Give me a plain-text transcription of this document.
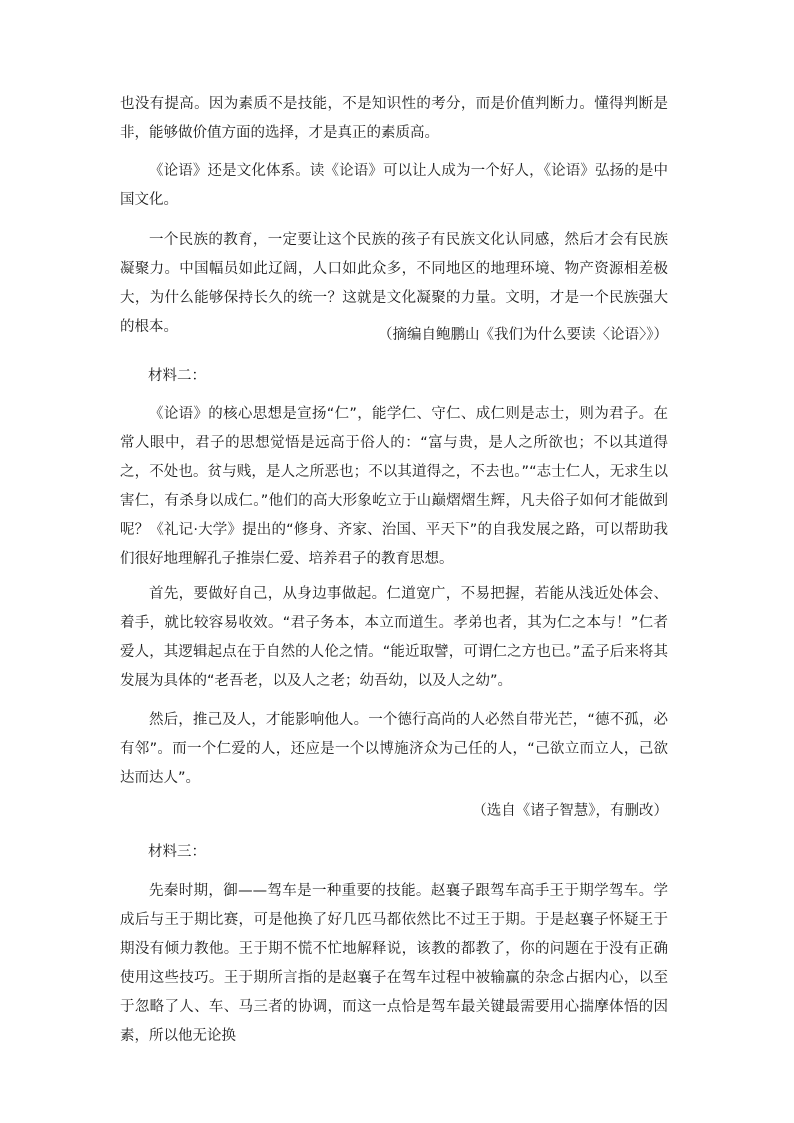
也没有提高。因为素质不是技能，不是知识性的考分，而是价值判断力。懂得判断是非，能够做价值方面的选择，才是真正的素质高。

《论语》还是文化体系。读《论语》可以让人成为一个好人，《论语》弘扬的是中国文化。

一个民族的教育，一定要让这个民族的孩子有民族文化认同感，然后才会有民族凝聚力。中国幅员如此辽阔，人口如此众多，不同地区的地理环境、物产资源相差极大，为什么能够保持长久的统一？这就是文化凝聚的力量。文明，才是一个民族强大的根本。	（摘编自鲍鹏山《我们为什么要读〈论语〉》）

材料二：

《论语》的核心思想是宣扬“仁”，能学仁、守仁、成仁则是志士，则为君子。在常人眼中，君子的思想觉悟是远高于俗人的：“富与贵，是人之所欲也；不以其道得之，不处也。贫与贱，是人之所恶也；不以其道得之，不去也。”“志士仁人，无求生以害仁，有杀身以成仁。”他们的高大形象屹立于山巅熠熠生辉，凡夫俗子如何才能做到呢？《礼记·大学》提出的“修身、齐家、治国、平天下”的自我发展之路，可以帮助我们很好地理解孔子推崇仁爱、培养君子的教育思想。

首先，要做好自己，从身边事做起。仁道宽广，不易把握，若能从浅近处体会、着手，就比较容易收效。“君子务本，本立而道生。孝弟也者，其为仁之本与！”仁者爱人，其逻辑起点在于自然的人伦之情。“能近取譬，可谓仁之方也已。”孟子后来将其发展为具体的“老吾老，以及人之老；幼吾幼，以及人之幼”。

然后，推己及人，才能影响他人。一个德行高尚的人必然自带光芒，“德不孤，必有邻”。而一个仁爱的人，还应是一个以博施济众为己任的人，“己欲立而立人，己欲达而达人”。

（选自《诸子智慧》，有删改）

材料三：

先秦时期，御——驾车是一种重要的技能。赵襄子跟驾车高手王于期学驾车。学成后与王于期比赛，可是他换了好几匹马都依然比不过王于期。于是赵襄子怀疑王于期没有倾力教他。王于期不慌不忙地解释说，该教的都教了，你的问题在于没有正确使用这些技巧。王于期所言指的是赵襄子在驾车过程中被输赢的杂念占据内心，以至于忽略了人、车、马三者的协调，而这一点恰是驾车最关键最需要用心揣摩体悟的因素，所以他无论换
